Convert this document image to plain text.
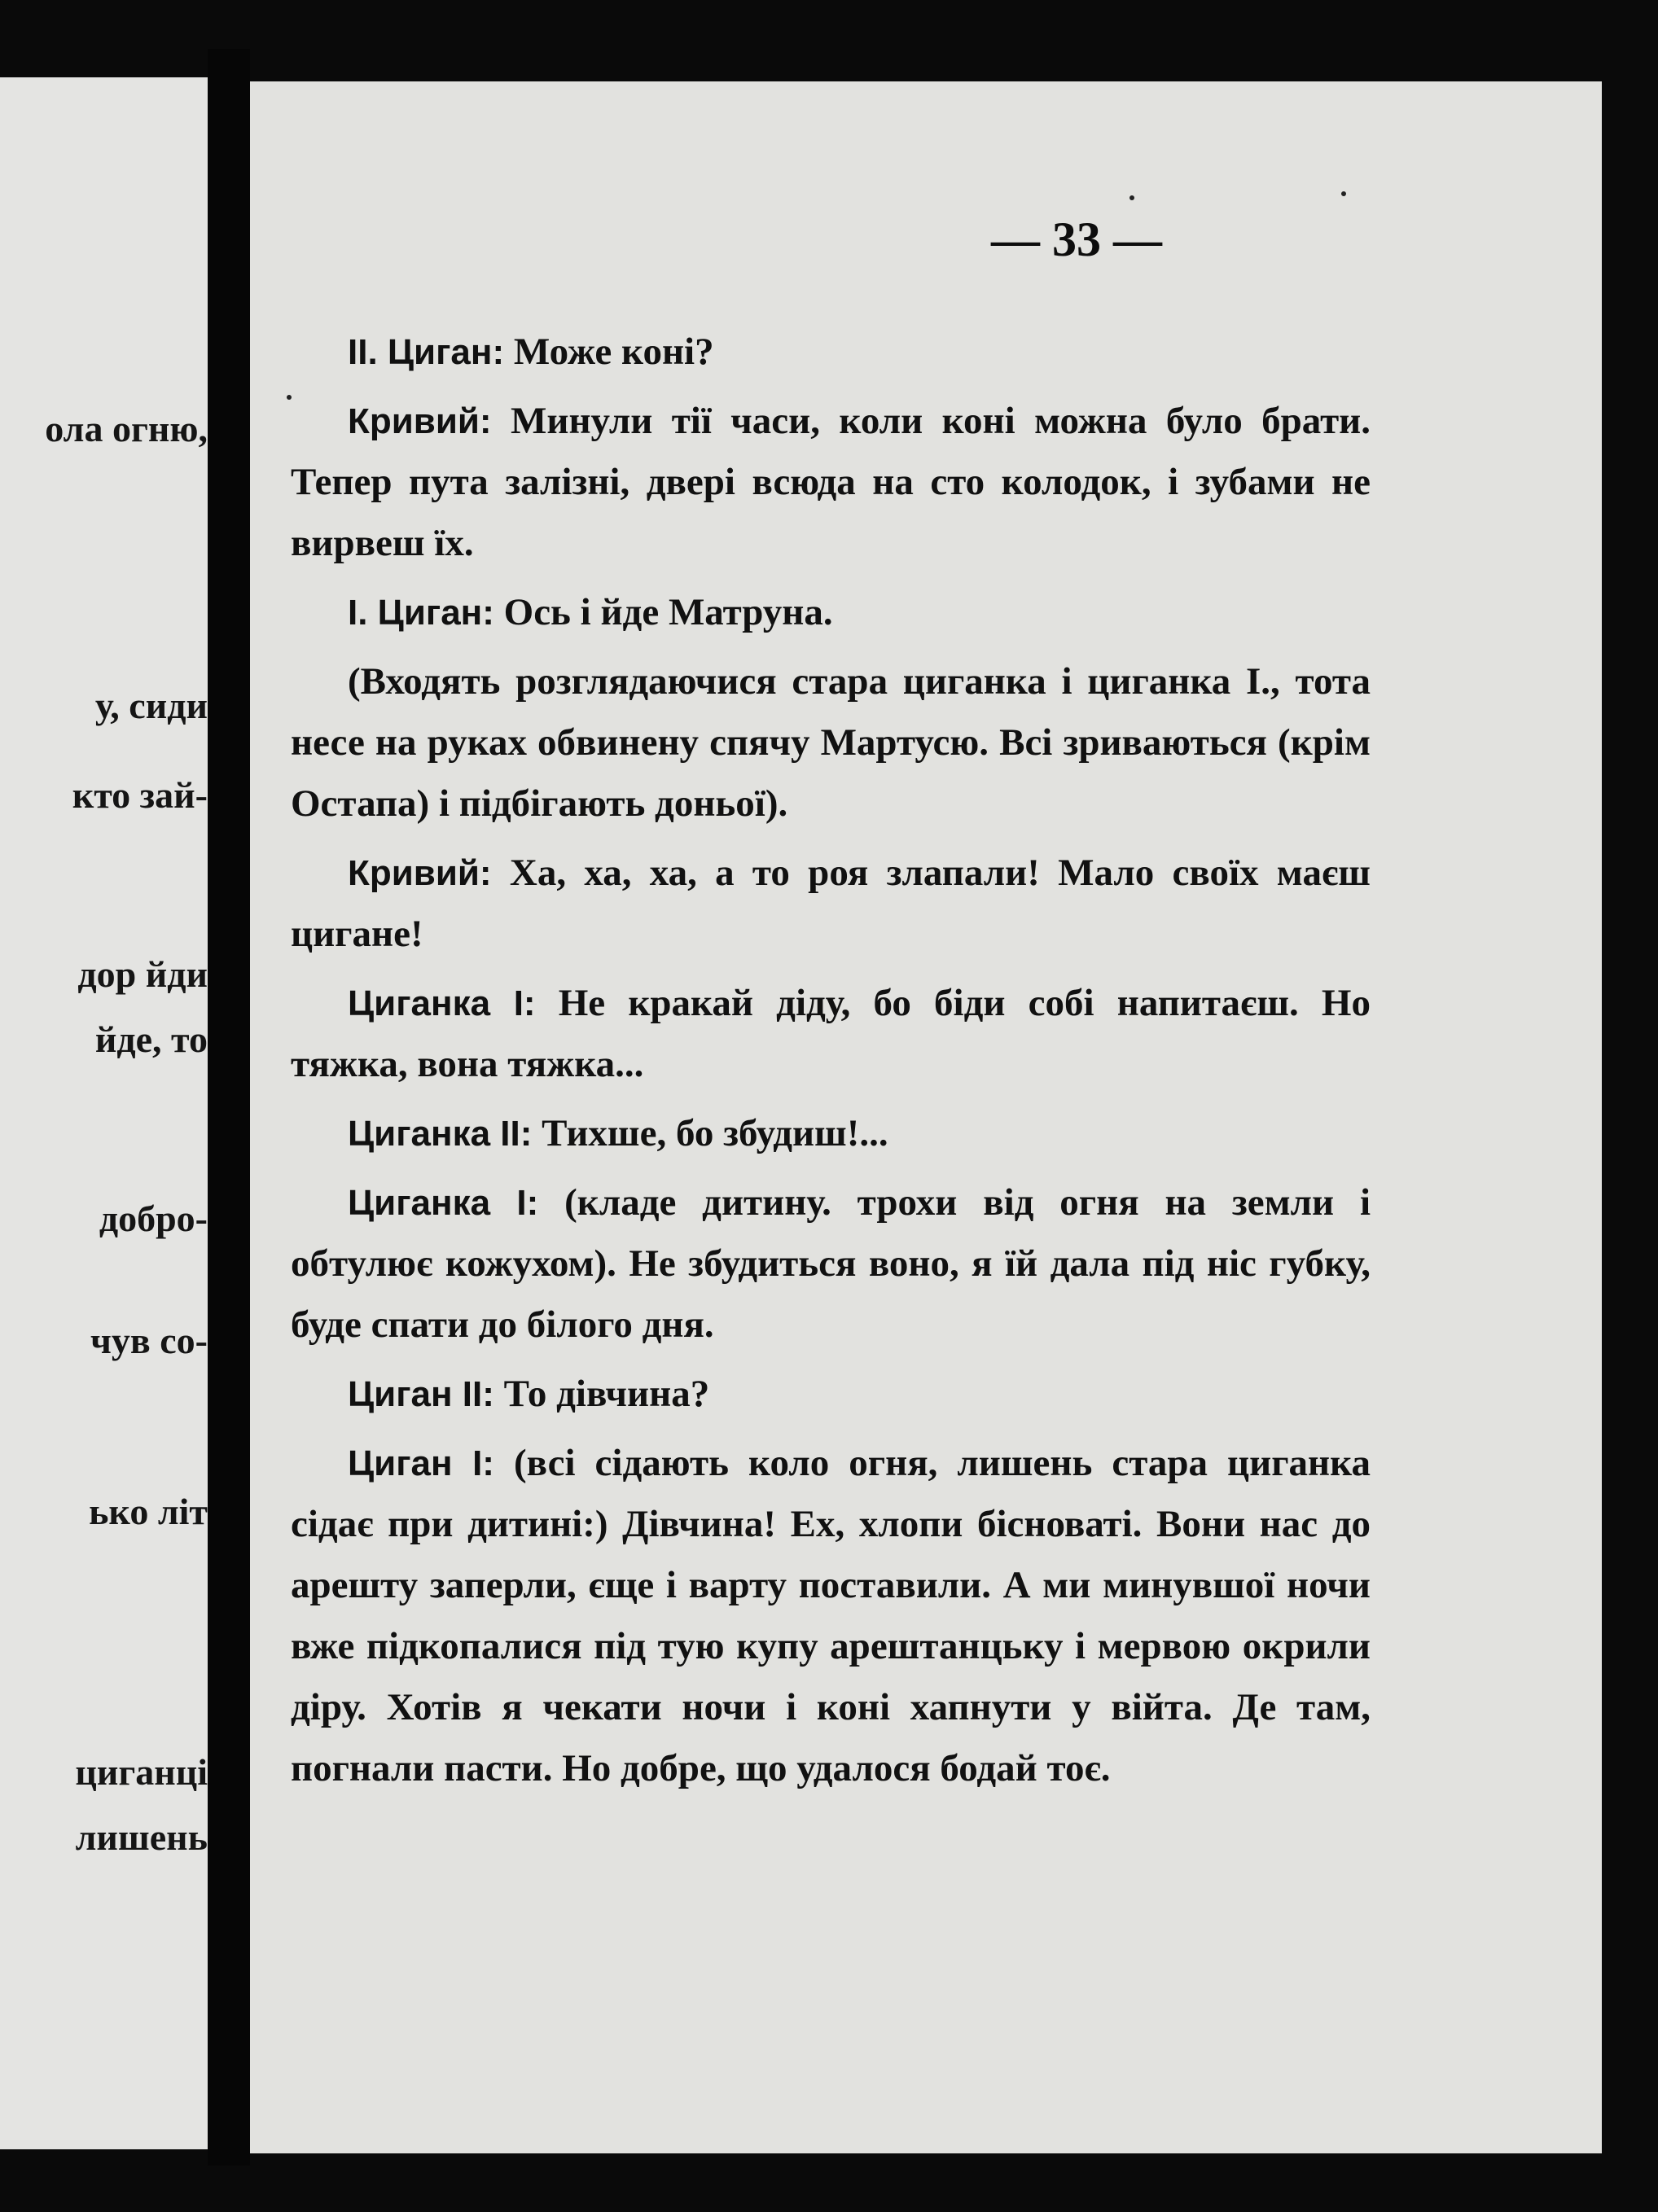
ола огню,
у, сиди
кто зай-
дор йди
йде, то
добро-
чув со-
ько літ
циганці
лишень
— 33 —

II. Циган: Може коні?

Кривий: Минули тії часи, коли коні можна було брати. Тепер пута залізні, двері всюда на сто колодок, і зубами не вирвеш їх.

I. Циган: Ось і йде Матруна.

(Входять розглядаючися стара циганка і циганка I., тота несе на руках обвинену спячу Мартусю. Всі зриваються (крім Остапа) і підбігають доньої).

Кривий: Ха, ха, ха, а то роя злапали! Мало своїх маєш цигане!

Циганка I: Не кракай діду, бо біди собі напитаєш. Но тяжка, вона тяжка...

Циганка II: Тихше, бо збудиш!...

Циганка I: (кладе дитину. трохи від огня на земли і обтулює кожухом). Не збудиться воно, я їй дала під ніс губку, буде спати до білого дня.

Циган II: То дівчина?

Циган I: (всі сідають коло огня, лишень стара циганка сідає при дитині:) Дівчина! Ех, хлопи бісноваті. Вони нас до арешту заперли, єще і варту поставили. А ми минувшої ночи вже підкопалися під тую купу арештанцьку і мервою окрили діру. Хотів я чекати ночи і коні хапнути у війта. Де там, погнали пасти. Но добре, що удалося бодай тоє.
